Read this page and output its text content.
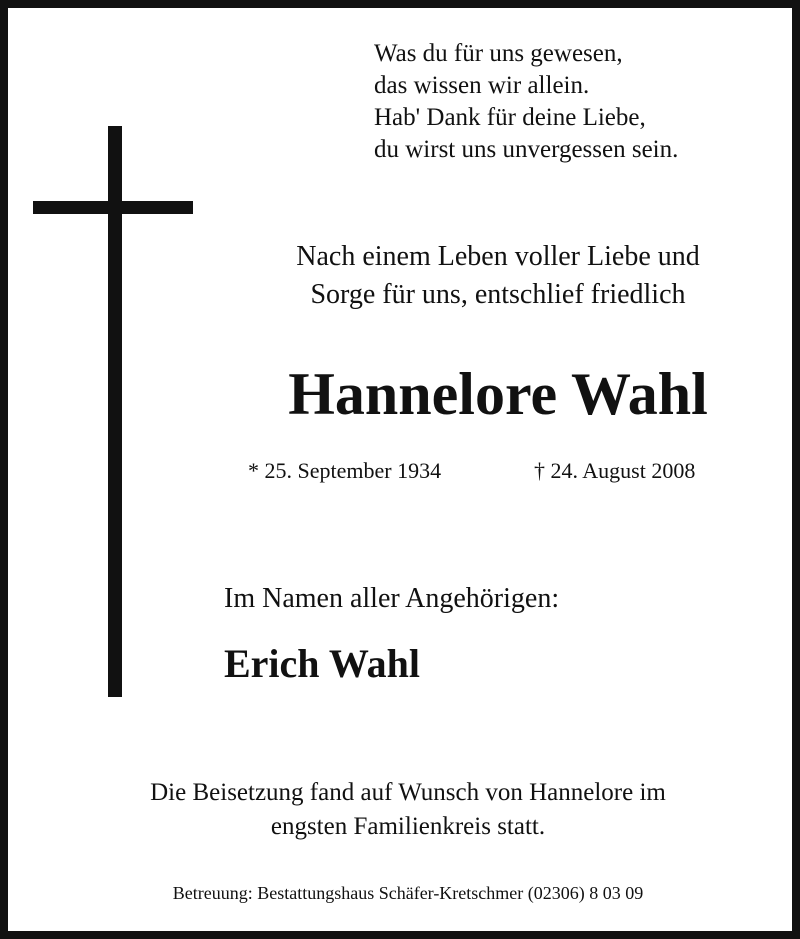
Was du für uns gewesen,
das wissen wir allein.
Hab' Dank für deine Liebe,
du wirst uns unvergessen sein.
Nach einem Leben voller Liebe und
Sorge für uns, entschlief friedlich
Hannelore Wahl
* 25. September 1934	† 24. August 2008
Im Namen aller Angehörigen:
Erich Wahl
Die Beisetzung fand auf Wunsch von Hannelore im
engsten Familienkreis statt.
Betreuung: Bestattungshaus Schäfer-Kretschmer (02306) 8 03 09
